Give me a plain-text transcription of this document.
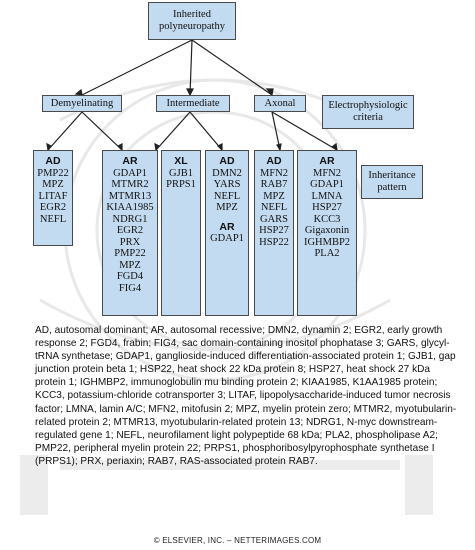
Inherited polyneuropathy
Demyelinating	Intermediate	Axonal	Electrophysiologic criteria
AD
PMP22
MPZ
LITAF
EGR2
NEFL
AR
GDAP1
MTMR2
MTMR13
KIAA1985
NDRG1
EGR2
PRX
PMP22
MPZ
FGD4
FIG4
XL
GJB1
PRPS1
AD
DMN2
YARS
NEFL
MPZ
AR
GDAP1
AD
MFN2
RAB7
MPZ
NEFL
GARS
HSP27
HSP22
AR
MFN2
GDAP1
LMNA
HSP27
KCC3
Gigaxonin
IGHMBP2
PLA2
Inheritance pattern
AD, autosomal dominant; AR, autosomal recessive; DMN2, dynamin 2; EGR2, early growth response 2; FGD4, frabin; FIG4, sac domain-containing inositol phophatase 3; GARS, glycyl-tRNA synthetase; GDAP1, ganglioside-induced differentiation-associated protein 1; GJB1, gap junction protein beta 1; HSP22, heat shock 22 kDa protein 8; HSP27, heat shock 27 kDa protein 1; IGHMBP2, immunoglobulin mu binding protein 2; KIAA1985, K1AA1985 protein; KCC3, potassium-chloride cotransporter 3; LITAF, lipopolysaccharide-induced tumor necrosis factor; LMNA, lamin A/C; MFN2, mitofusin 2; MPZ, myelin protein zero; MTMR2, myotubularin-related protein 2; MTMR13, myotubularin-related protein 13; NDRG1, N-myc downstream-regulated gene 1; NEFL, neurofilament light polypeptide 68 kDa; PLA2, phospholipase A2; PMP22, peripheral myelin protein 22; PRPS1, phosphoribosylpyrophosphate synthetase I (PRPS1); PRX, periaxin; RAB7, RAS-associated protein RAB7.
© ELSEVIER, INC. – NETTERIMAGES.COM
